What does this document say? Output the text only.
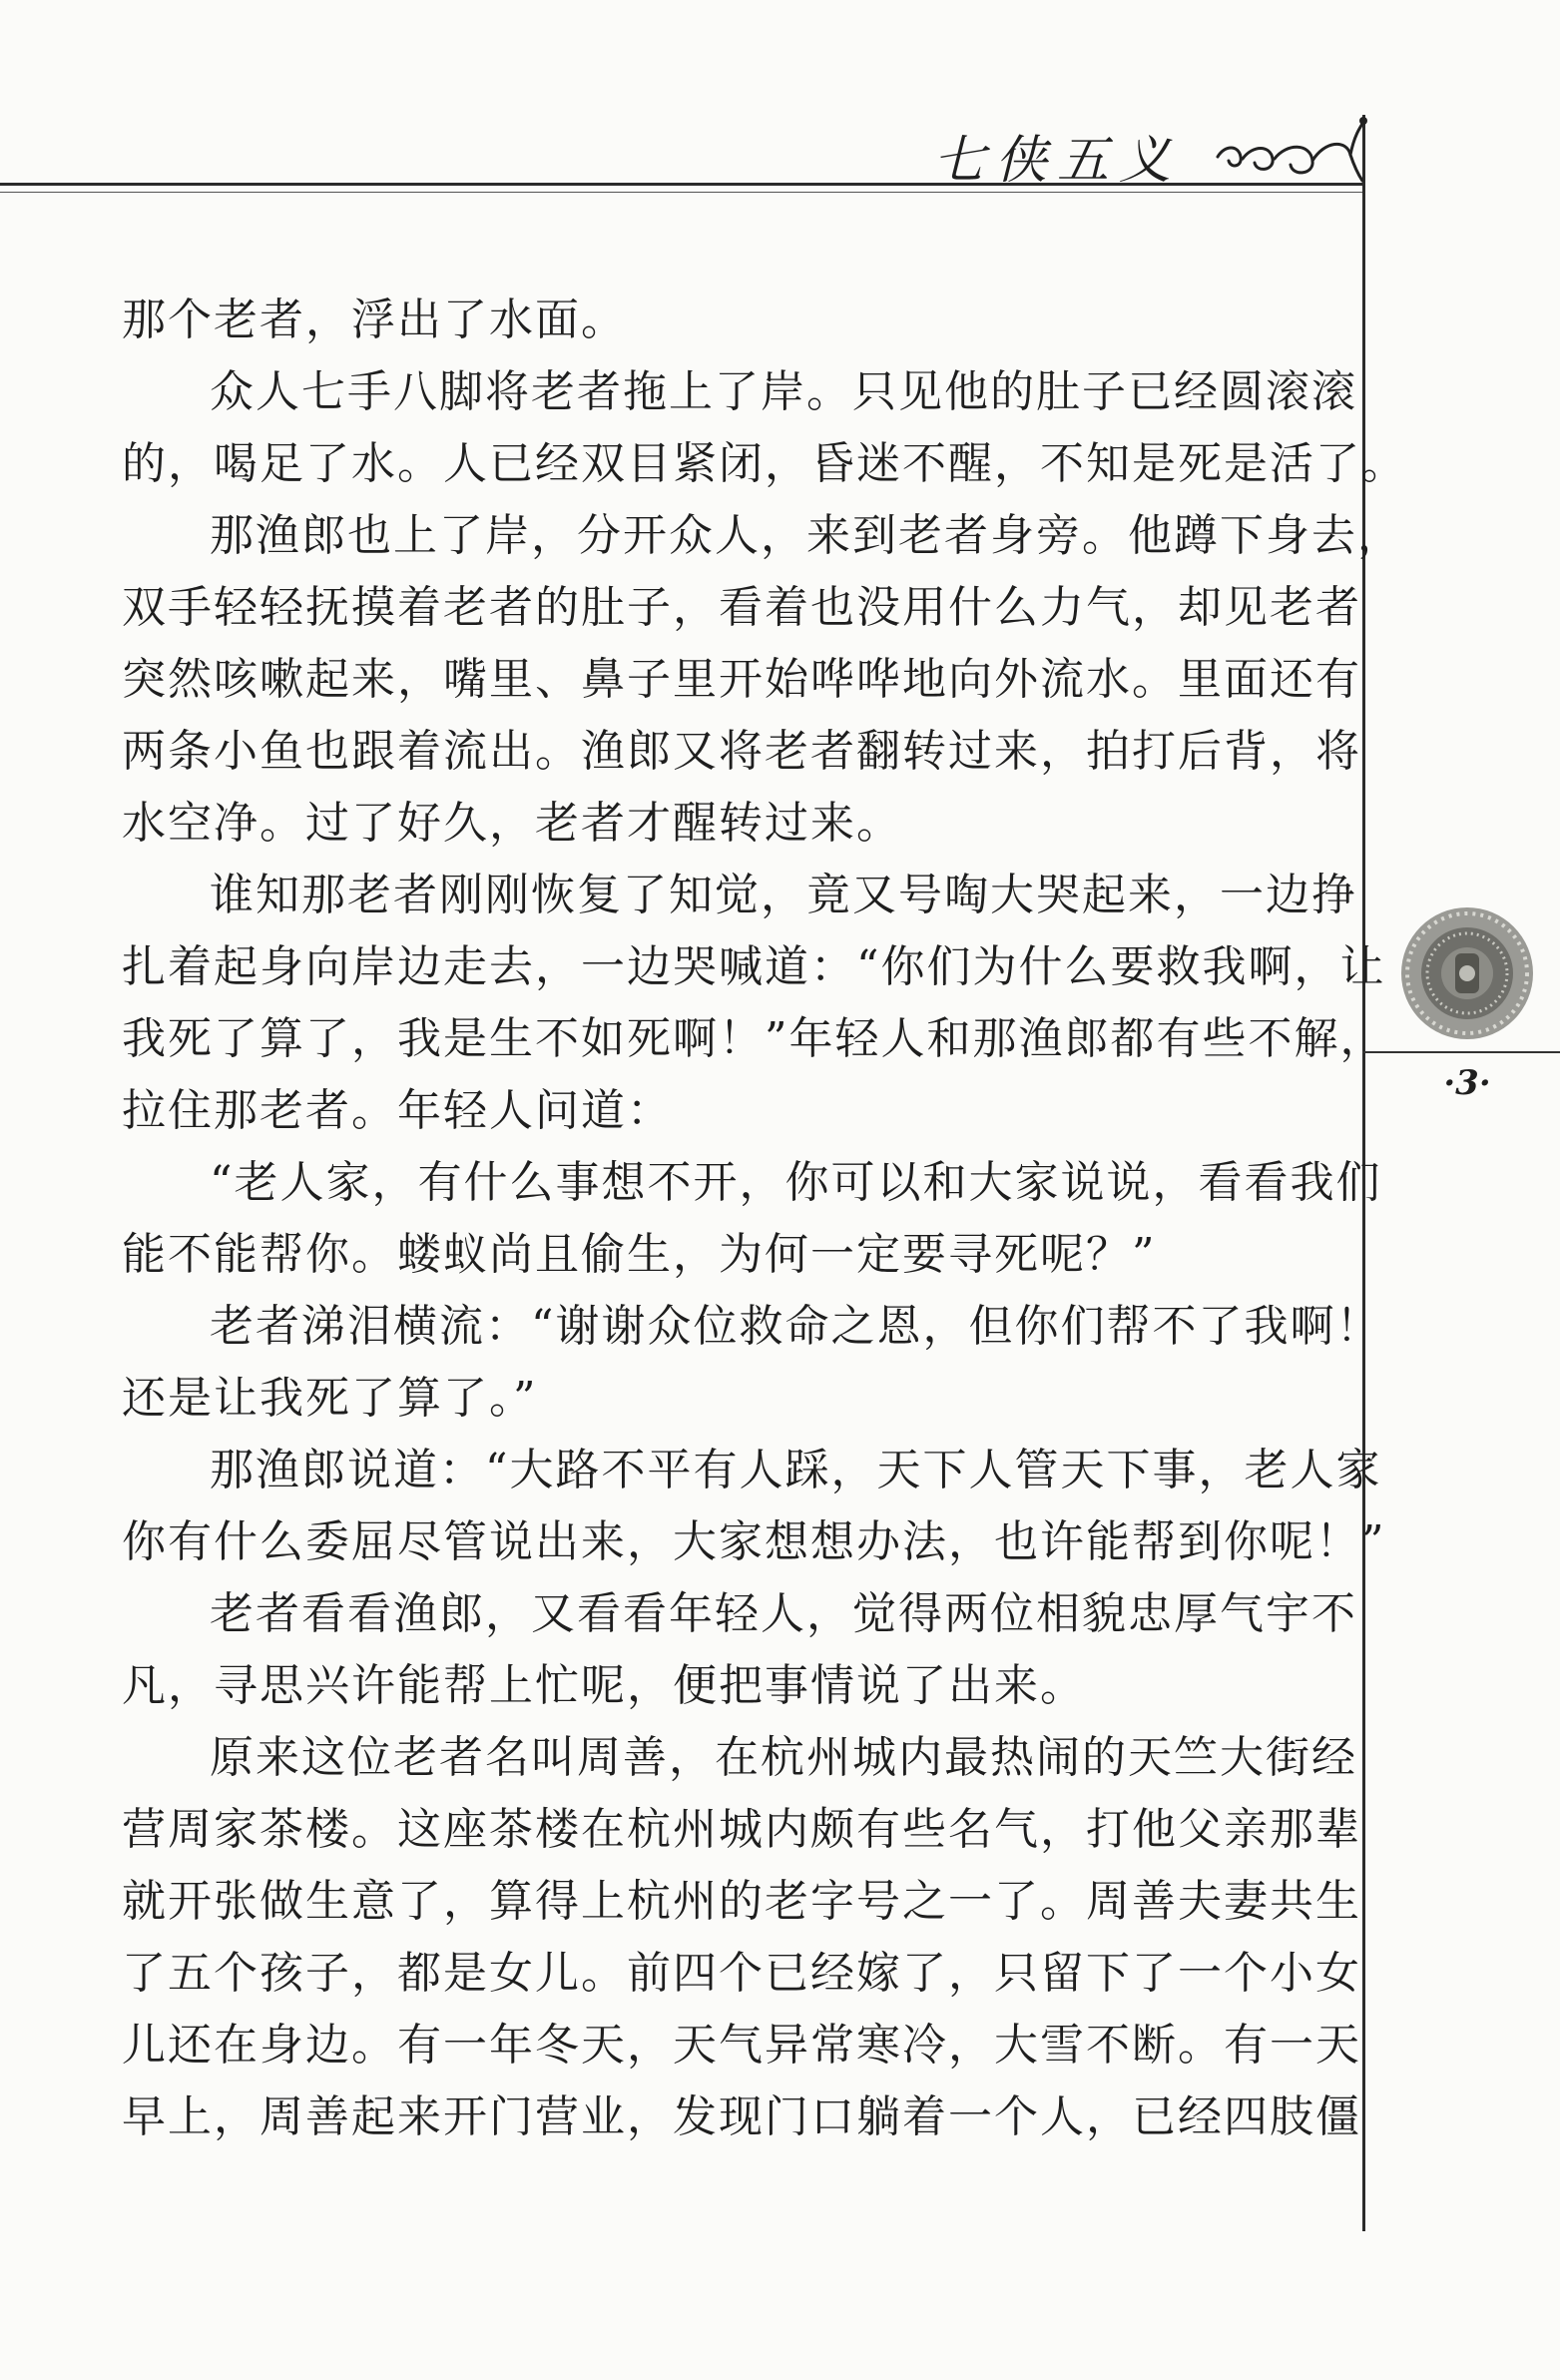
七侠五义
·3·
那个老者，浮出了水面。
众人七手八脚将老者拖上了岸。只见他的肚子已经圆滚滚
的，喝足了水。人已经双目紧闭，昏迷不醒，不知是死是活了。
那渔郎也上了岸，分开众人，来到老者身旁。他蹲下身去，
双手轻轻抚摸着老者的肚子，看着也没用什么力气，却见老者
突然咳嗽起来，嘴里、鼻子里开始哗哗地向外流水。里面还有
两条小鱼也跟着流出。渔郎又将老者翻转过来，拍打后背，将
水空净。过了好久，老者才醒转过来。
谁知那老者刚刚恢复了知觉，竟又号啕大哭起来，一边挣
扎着起身向岸边走去，一边哭喊道：“你们为什么要救我啊，让
我死了算了，我是生不如死啊！”年轻人和那渔郎都有些不解，
拉住那老者。年轻人问道：
“老人家，有什么事想不开，你可以和大家说说，看看我们
能不能帮你。蝼蚁尚且偷生，为何一定要寻死呢？”
老者涕泪横流：“谢谢众位救命之恩，但你们帮不了我啊！
还是让我死了算了。”
那渔郎说道：“大路不平有人踩，天下人管天下事，老人家
你有什么委屈尽管说出来，大家想想办法，也许能帮到你呢！”
老者看看渔郎，又看看年轻人，觉得两位相貌忠厚气宇不
凡，寻思兴许能帮上忙呢，便把事情说了出来。
原来这位老者名叫周善，在杭州城内最热闹的天竺大街经
营周家茶楼。这座茶楼在杭州城内颇有些名气，打他父亲那辈
就开张做生意了，算得上杭州的老字号之一了。周善夫妻共生
了五个孩子，都是女儿。前四个已经嫁了，只留下了一个小女
儿还在身边。有一年冬天，天气异常寒冷，大雪不断。有一天
早上，周善起来开门营业，发现门口躺着一个人，已经四肢僵
